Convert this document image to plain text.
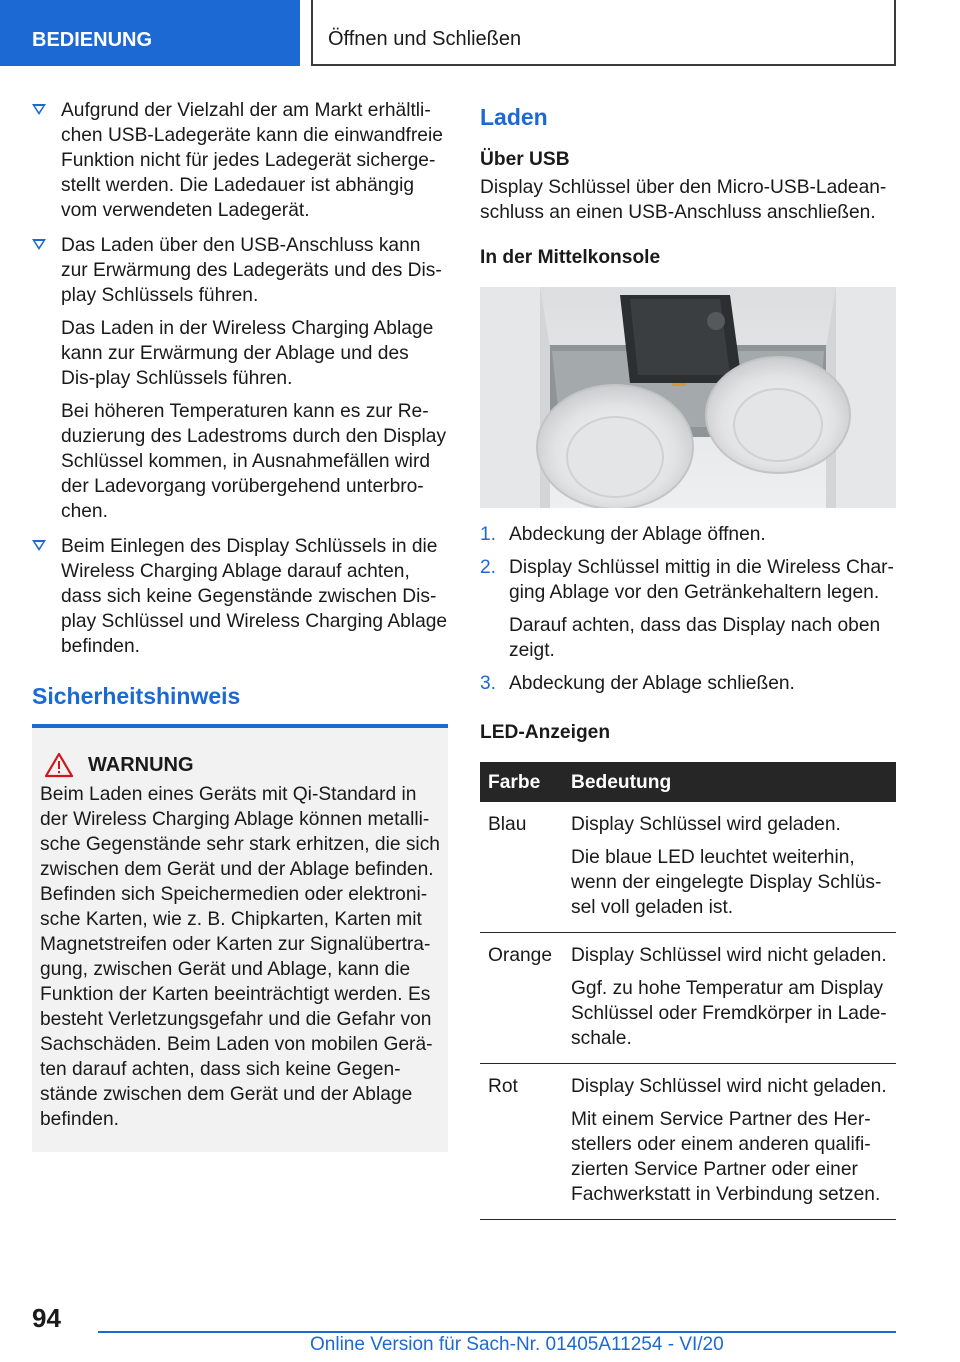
BEDIENUNG	Öffnen und Schließen
Aufgrund der Vielzahl der am Markt erhältli-chen USB-Ladegeräte kann die einwandfreie Funktion nicht für jedes Ladegerät sicherge-stellt werden. Die Ladedauer ist abhängig vom verwendeten Ladegerät.
Das Laden über den USB-Anschluss kann zur Erwärmung des Ladegeräts und des Dis-play Schlüssels führen.
Das Laden in der Wireless Charging Ablage kann zur Erwärmung der Ablage und des Dis-play Schlüssels führen.
Bei höheren Temperaturen kann es zur Re-duzierung des Ladestroms durch den Display Schlüssel kommen, in Ausnahmefällen wird der Ladevorgang vorübergehend unterbro-chen.
Beim Einlegen des Display Schlüssels in die Wireless Charging Ablage darauf achten, dass sich keine Gegenstände zwischen Dis-play Schlüssel und Wireless Charging Ablage befinden.
Sicherheitshinweis
WARNUNG
Beim Laden eines Geräts mit Qi-Standard in der Wireless Charging Ablage können metalli-sche Gegenstände sehr stark erhitzen, die sich zwischen dem Gerät und der Ablage befinden. Befinden sich Speichermedien oder elektroni-sche Karten, wie z. B. Chipkarten, Karten mit Magnetstreifen oder Karten zur Signalübertra-gung, zwischen Gerät und Ablage, kann die Funktion der Karten beeinträchtigt werden. Es besteht Verletzungsgefahr und die Gefahr von Sachschäden. Beim Laden von mobilen Gerä-ten darauf achten, dass sich keine Gegen-stände zwischen dem Gerät und der Ablage befinden.
Laden
Über USB
Display Schlüssel über den Micro-USB-Ladean-schluss an einen USB-Anschluss anschließen.
In der Mittelkonsole
1. Abdeckung der Ablage öffnen.
2. Display Schlüssel mittig in die Wireless Char-ging Ablage vor den Getränkehaltern legen.
Darauf achten, dass das Display nach oben zeigt.
3. Abdeckung der Ablage schließen.
LED-Anzeigen
Farbe	Bedeutung
Blau	Display Schlüssel wird geladen.
Die blaue LED leuchtet weiterhin, wenn der eingelegte Display Schlüs-sel voll geladen ist.

Orange	Display Schlüssel wird nicht geladen.
Ggf. zu hohe Temperatur am Display Schlüssel oder Fremdkörper in Lade-schale.

Rot	Display Schlüssel wird nicht geladen.
Mit einem Service Partner des Her-stellers oder einem anderen qualifi-zierten Service Partner oder einer Fachwerkstatt in Verbindung setzen.
94
Online Version für Sach-Nr. 01405A11254 - VI/20
